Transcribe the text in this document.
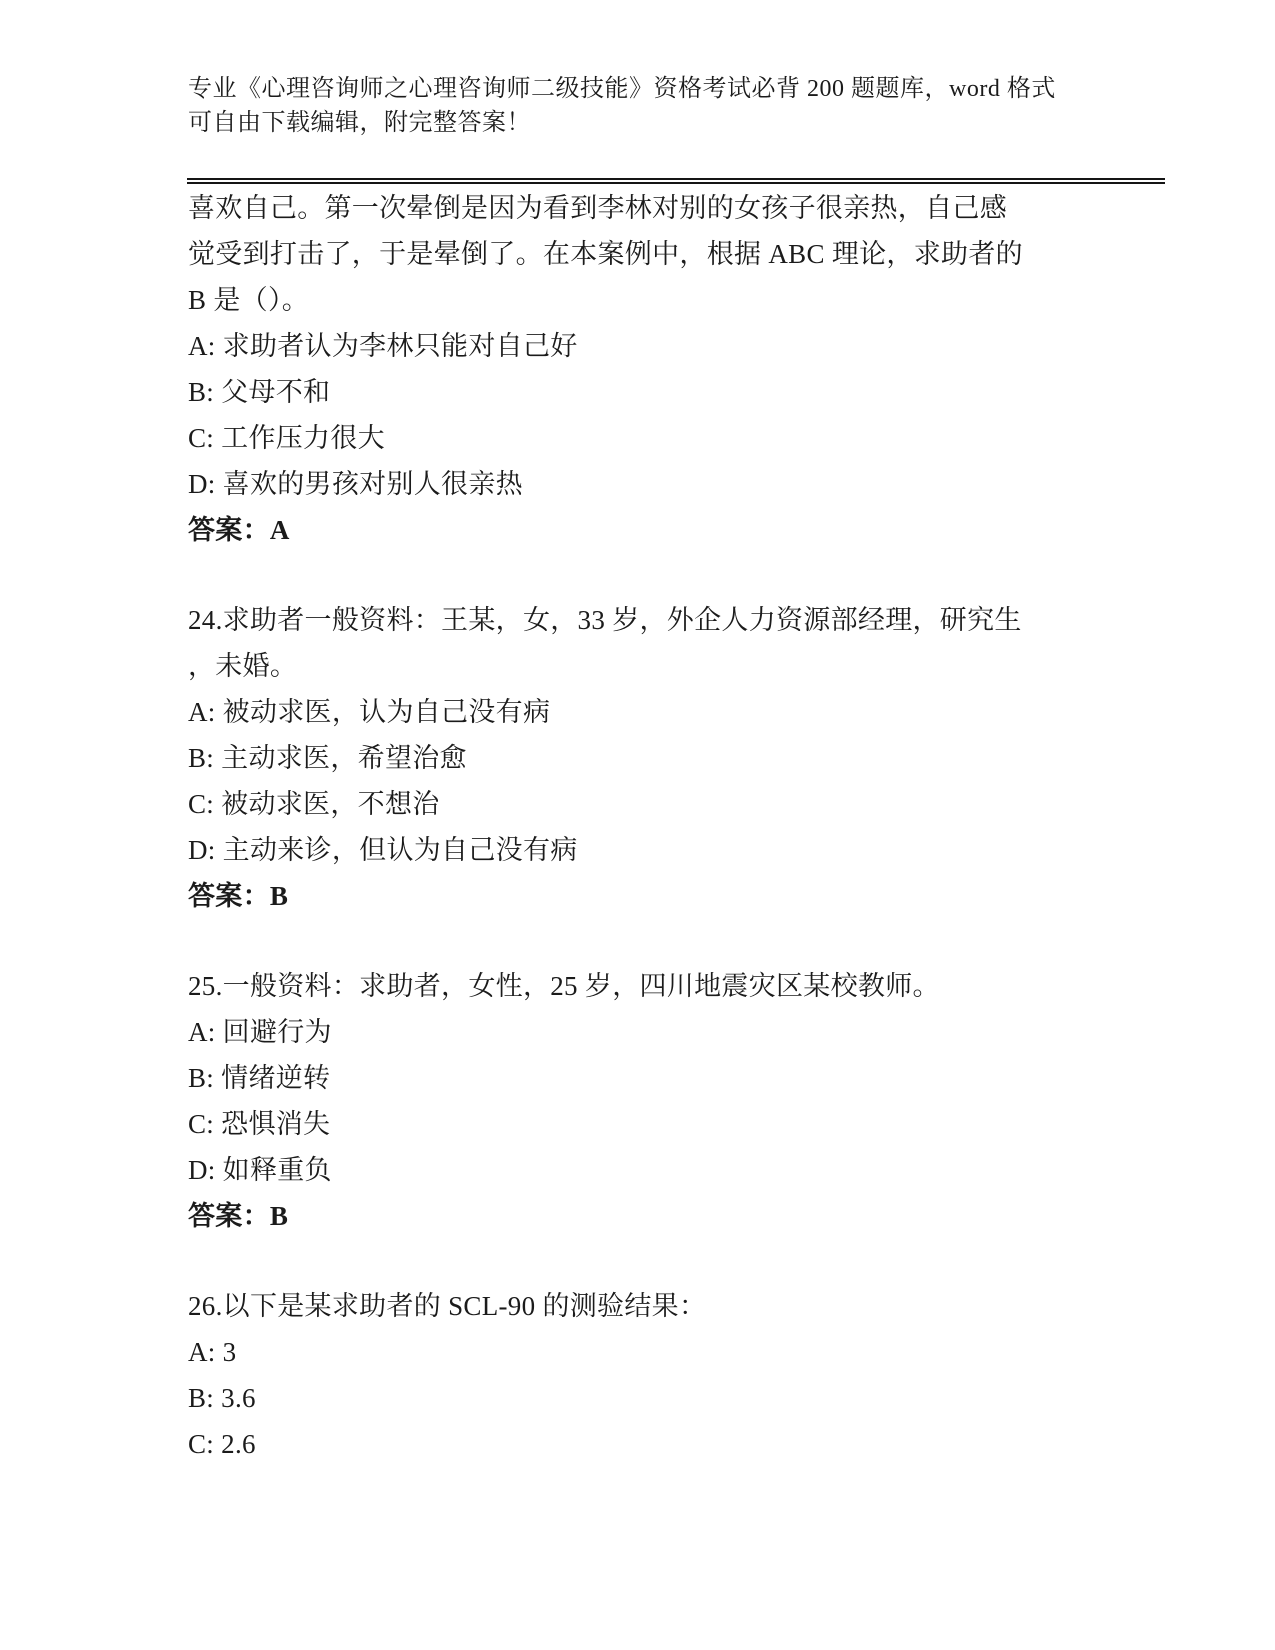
专业《心理咨询师之心理咨询师二级技能》资格考试必背 200 题题库，word 格式
可自由下载编辑，附完整答案！
喜欢自己。第一次晕倒是因为看到李林对别的女孩子很亲热，自己感
觉受到打击了，于是晕倒了。在本案例中，根据 ABC 理论，求助者的
B 是（）。
A: 求助者认为李林只能对自己好
B: 父母不和
C: 工作压力很大
D: 喜欢的男孩对别人很亲热
答案：A
24.求助者一般资料：王某，女，33 岁，外企人力资源部经理，研究生
，未婚。
A: 被动求医，认为自己没有病
B: 主动求医，希望治愈
C: 被动求医，不想治
D: 主动来诊，但认为自己没有病
答案：B
25.一般资料：求助者，女性，25 岁，四川地震灾区某校教师。
A: 回避行为
B: 情绪逆转
C: 恐惧消失
D: 如释重负
答案：B
26.以下是某求助者的 SCL-90 的测验结果：
A: 3
B: 3.6
C: 2.6
